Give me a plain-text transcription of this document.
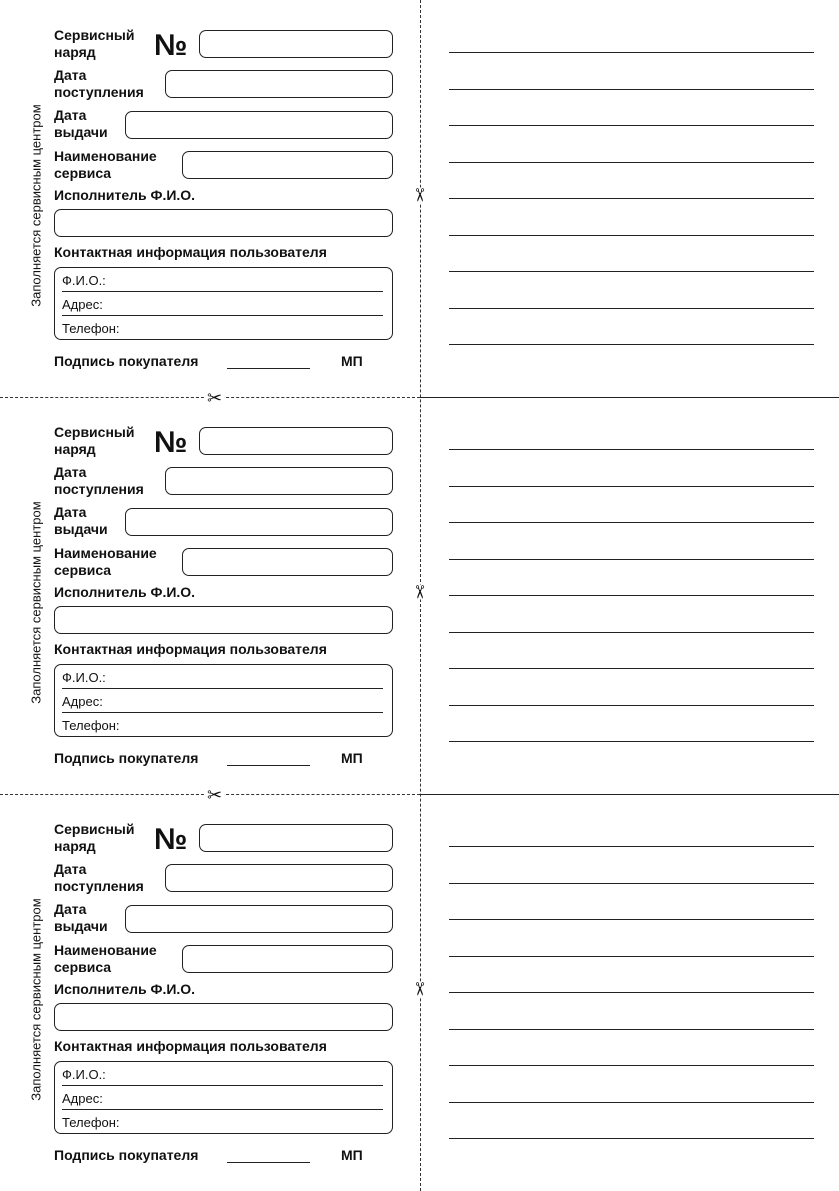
Заполняется сервисным центром
Сервисный
наряд	№
Дата
поступления
Дата
выдачи
Наименование
сервиса
Исполнитель Ф.И.О.
Контактная информация пользователя
Ф.И.О.:
Адрес:
Телефон:
Подпись покупателя	МП
✂
✂
Заполняется сервисным центром
Сервисный
наряд	№
Дата
поступления
Дата
выдачи
Наименование
сервиса
Исполнитель Ф.И.О.
Контактная информация пользователя
Ф.И.О.:
Адрес:
Телефон:
Подпись покупателя	МП
✂
✂
Заполняется сервисным центром
Сервисный
наряд	№
Дата
поступления
Дата
выдачи
Наименование
сервиса
Исполнитель Ф.И.О.
Контактная информация пользователя
Ф.И.О.:
Адрес:
Телефон:
Подпись покупателя	МП
✂
